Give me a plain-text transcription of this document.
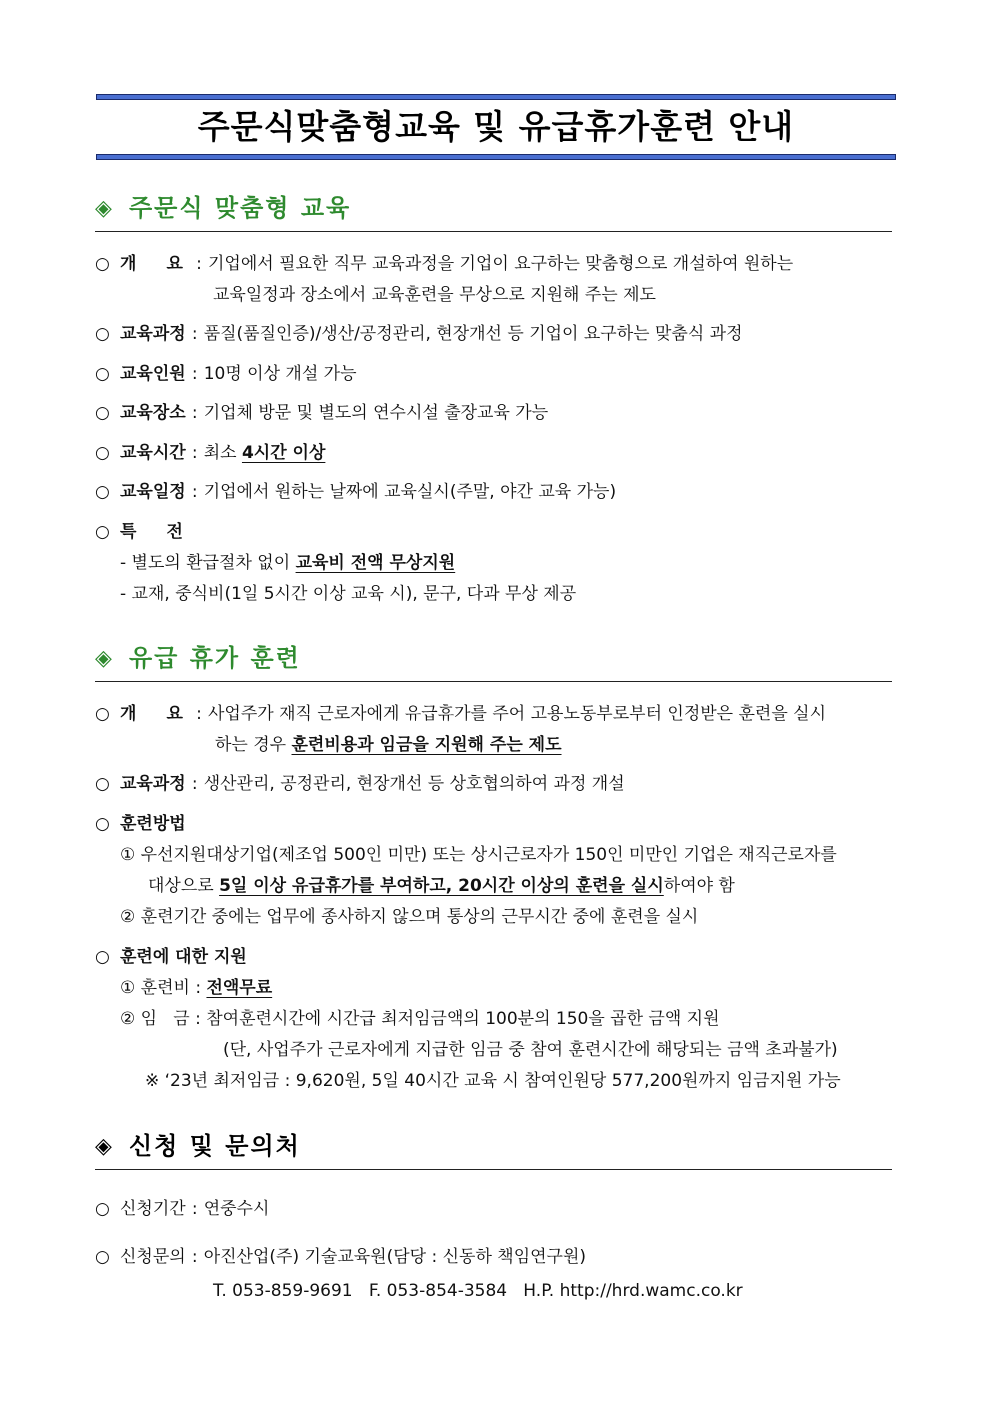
주문식맞춤형교육 및 유급휴가훈련 안내
◈ 주문식 맞춤형 교육
○ 개 요 : 기업에서 필요한 직무 교육과정을 기업이 요구하는 맞춤형으로 개설하여 원하는
교육일정과 장소에서 교육훈련을 무상으로 지원해 주는 제도
○ 교육과정 : 품질(품질인증)/생산/공정관리, 현장개선 등 기업이 요구하는 맞춤식 과정
○ 교육인원 : 10명 이상 개설 가능
○ 교육장소 : 기업체 방문 및 별도의 연수시설 출장교육 가능
○ 교육시간 : 최소 4시간 이상
○ 교육일정 : 기업에서 원하는 날짜에 교육실시(주말, 야간 교육 가능)
○ 특 전
- 별도의 환급절차 없이 교육비 전액 무상지원
- 교재, 중식비(1일 5시간 이상 교육 시), 문구, 다과 무상 제공
◈ 유급 휴가 훈련
○ 개 요 : 사업주가 재직 근로자에게 유급휴가를 주어 고용노동부로부터 인정받은 훈련을 실시
하는 경우 훈련비용과 임금을 지원해 주는 제도
○ 교육과정 : 생산관리, 공정관리, 현장개선 등 상호협의하여 과정 개설
○ 훈련방법
① 우선지원대상기업(제조업 500인 미만) 또는 상시근로자가 150인 미만인 기업은 재직근로자를
대상으로 5일 이상 유급휴가를 부여하고, 20시간 이상의 훈련을 실시하여야 함
② 훈련기간 중에는 업무에 종사하지 않으며 통상의 근무시간 중에 훈련을 실시
○ 훈련에 대한 지원
① 훈련비 : 전액무료
② 임   금 : 참여훈련시간에 시간급 최저임금액의 100분의 150을 곱한 금액 지원
(단, 사업주가 근로자에게 지급한 임금 중 참여 훈련시간에 해당되는 금액 초과불가)
※ ‘23년 최저임금 : 9,620원, 5일 40시간 교육 시 참여인원당 577,200원까지 임금지원 가능
◈ 신청 및 문의처
○ 신청기간 : 연중수시
○ 신청문의 : 아진산업(주) 기술교육원(담당 : 신동하 책임연구원)
T. 053-859-9691   F. 053-854-3584   H.P. http://hrd.wamc.co.kr
